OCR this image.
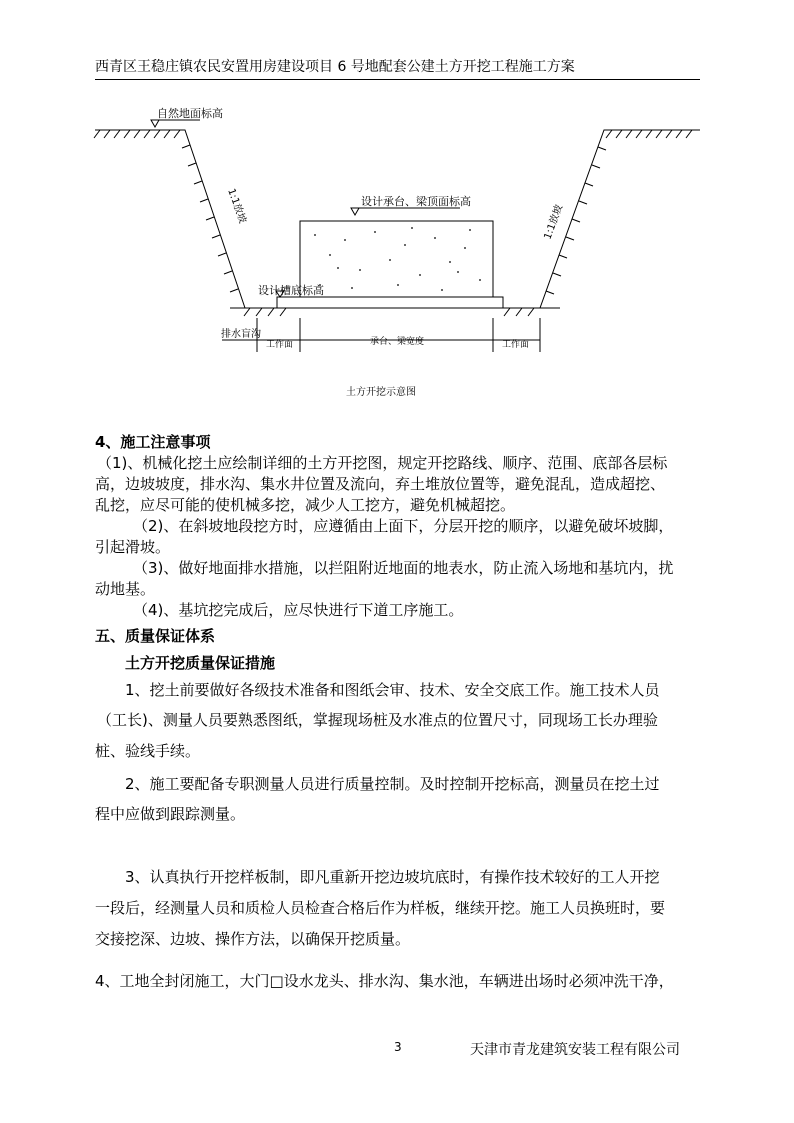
西青区王稳庄镇农民安置用房建设项目 6 号地配套公建土方开挖工程施工方案
自然地面标高
设计承台、梁顶面标高
设计槽底标高
1:1放坡	1:1放坡
排水盲沟
工作面	承台、梁宽度	工作面
土方开挖示意图
4、施工注意事项
（1)、机械化挖土应绘制详细的土方开挖图，规定开挖路线、顺序、范围、底部各层标
高，边坡坡度，排水沟、集水井位置及流向，弃土堆放位置等，避免混乱，造成超挖、
乱挖，应尽可能的使机械多挖，减少人工挖方，避免机械超挖。
（2)、在斜坡地段挖方时，应遵循由上面下，分层开挖的顺序，以避免破坏坡脚，
引起滑坡。
（3)、做好地面排水措施，以拦阻附近地面的地表水，防止流入场地和基坑内，扰
动地基。
（4)、基坑挖完成后，应尽快进行下道工序施工。
五、质量保证体系
土方开挖质量保证措施
1、挖土前要做好各级技术准备和图纸会审、技术、安全交底工作。施工技术人员
（工长)、测量人员要熟悉图纸，掌握现场桩及水准点的位置尺寸，同现场工长办理验
桩、验线手续。
2、施工要配备专职测量人员进行质量控制。及时控制开挖标高，测量员在挖土过
程中应做到跟踪测量。
3、认真执行开挖样板制，即凡重新开挖边坡坑底时，有操作技术较好的工人开挖
一段后，经测量人员和质检人员检查合格后作为样板，继续开挖。施工人员换班时，要
交接挖深、边坡、操作方法，以确保开挖质量。
4、工地全封闭施工，大门□设水龙头、排水沟、集水池，车辆进出场时必须冲洗干净，
3	天津市青龙建筑安装工程有限公司
